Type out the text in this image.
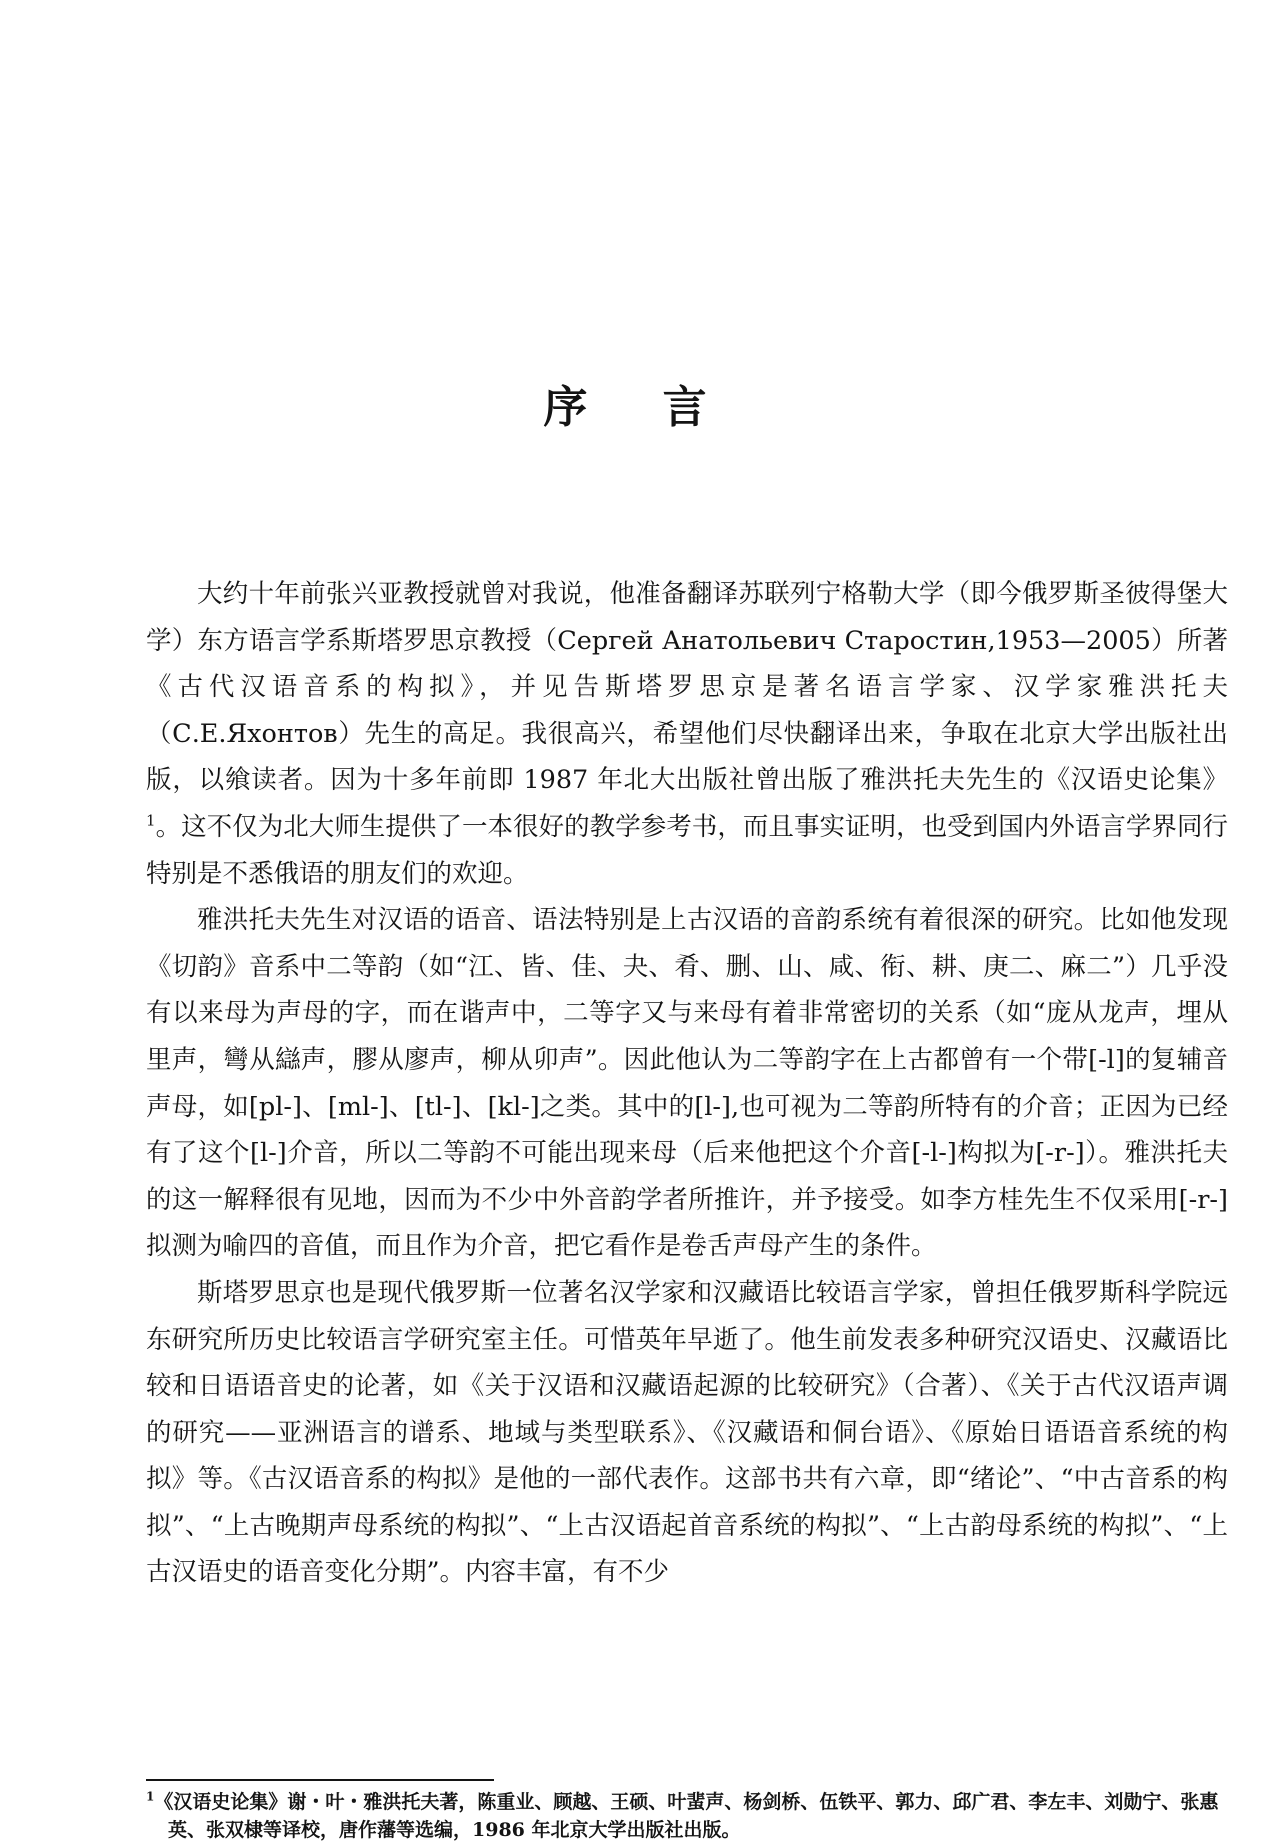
序 言

大约十年前张兴亚教授就曾对我说，他准备翻译苏联列宁格勒大学（即今俄罗斯圣彼得堡大学）东方语言学系斯塔罗思京教授（Сергей Анатольевич Старостин,1953—2005）所著《古代汉语音系的构拟》，并见告斯塔罗思京是著名语言学家、汉学家雅洪托夫（С.Е.Яхонтов）先生的高足。我很高兴，希望他们尽快翻译出来，争取在北京大学出版社出版，以飨读者。因为十多年前即 1987 年北大出版社曾出版了雅洪托夫先生的《汉语史论集》$^1$。这不仅为北大师生提供了一本很好的教学参考书，而且事实证明，也受到国内外语言学界同行特别是不悉俄语的朋友们的欢迎。

雅洪托夫先生对汉语的语音、语法特别是上古汉语的音韵系统有着很深的研究。比如他发现《切韵》音系中二等韵（如“江、皆、佳、夬、肴、删、山、咸、衔、耕、庚二、麻二”）几乎没有以来母为声母的字，而在谐声中，二等字又与来母有着非常密切的关系（如“庞从龙声，埋从里声，彎从䜌声，膠从廖声，柳从卯声”。因此他认为二等韵字在上古都曾有一个带[-l]的复辅音声母，如[pl-]、[ml-]、[tl-]、[kl-]之类。其中的[l-],也可视为二等韵所特有的介音；正因为已经有了这个[l-]介音，所以二等韵不可能出现来母（后来他把这个介音[-l-]构拟为[-r-]）。雅洪托夫的这一解释很有见地，因而为不少中外音韵学者所推许，并予接受。如李方桂先生不仅采用[-r-]拟测为喻四的音值，而且作为介音，把它看作是卷舌声母产生的条件。

斯塔罗思京也是现代俄罗斯一位著名汉学家和汉藏语比较语言学家，曾担任俄罗斯科学院远东研究所历史比较语言学研究室主任。可惜英年早逝了。他生前发表多种研究汉语史、汉藏语比较和日语语音史的论著，如《关于汉语和汉藏语起源的比较研究》（合著）、《关于古代汉语声调的研究——亚洲语言的谱系、地域与类型联系》、《汉藏语和侗台语》、《原始日语语音系统的构拟》等。《古汉语音系的构拟》是他的一部代表作。这部书共有六章，即“绪论”、“中古音系的构拟”、“上古晚期声母系统的构拟”、“上古汉语起首音系统的构拟”、“上古韵母系统的构拟”、“上古汉语史的语音变化分期”。内容丰富，有不少

$^1$《汉语史论集》谢・叶・雅洪托夫著，陈重业、顾越、王硕、叶蜚声、杨剑桥、伍铁平、郭力、邱广君、李左丰、刘勋宁、张惠英、张双棣等译校，唐作藩等选编，1986 年北京大学出版社出版。
